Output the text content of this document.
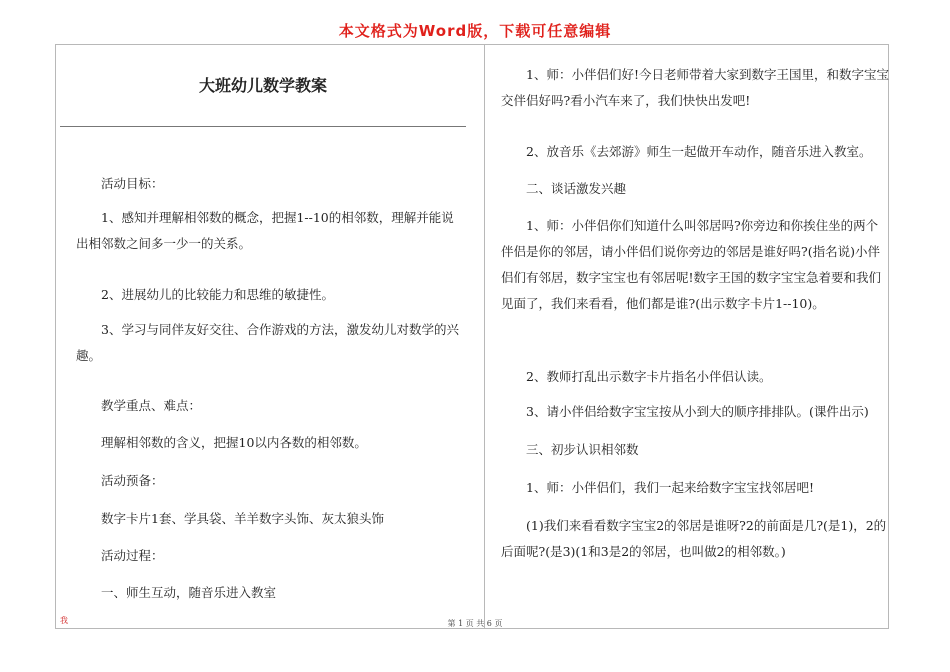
本文格式为Word版，下载可任意编辑
大班幼儿数学教案

活动目标：

1、感知并理解相邻数的概念，把握1--10的相邻数，理解并能说出相邻数之间多一少一的关系。

2、进展幼儿的比较能力和思维的敏捷性。

3、学习与同伴友好交往、合作游戏的方法，激发幼儿对数学的兴趣。

教学重点、难点：

理解相邻数的含义，把握10以内各数的相邻数。

活动预备：

数字卡片1套、学具袋、羊羊数字头饰、灰太狼头饰

活动过程：

一、师生互动，随音乐进入教室

1、师：小伴侣们好!今日老师带着大家到数字王国里，和数字宝宝交伴侣好吗?看小汽车来了，我们快快出发吧!

2、放音乐《去郊游》师生一起做开车动作，随音乐进入教室。

二、谈话激发兴趣

1、师：小伴侣你们知道什么叫邻居吗?你旁边和你挨住坐的两个伴侣是你的邻居，请小伴侣们说你旁边的邻居是谁好吗?(指名说)小伴侣们有邻居，数字宝宝也有邻居呢!数字王国的数字宝宝急着要和我们见面了，我们来看看，他们都是谁?(出示数字卡片1--10)。

2、教师打乱出示数字卡片指名小伴侣认读。

3、请小伴侣给数字宝宝按从小到大的顺序排排队。(课件出示)

三、初步认识相邻数

1、师：小伴侣们，我们一起来给数字宝宝找邻居吧!

(1)我们来看看数字宝宝2的邻居是谁呀?2的前面是几?(是1)，2的后面呢?(是3)(1和3是2的邻居，也叫做2的相邻数。)

我	第 1 页 共 6 页
